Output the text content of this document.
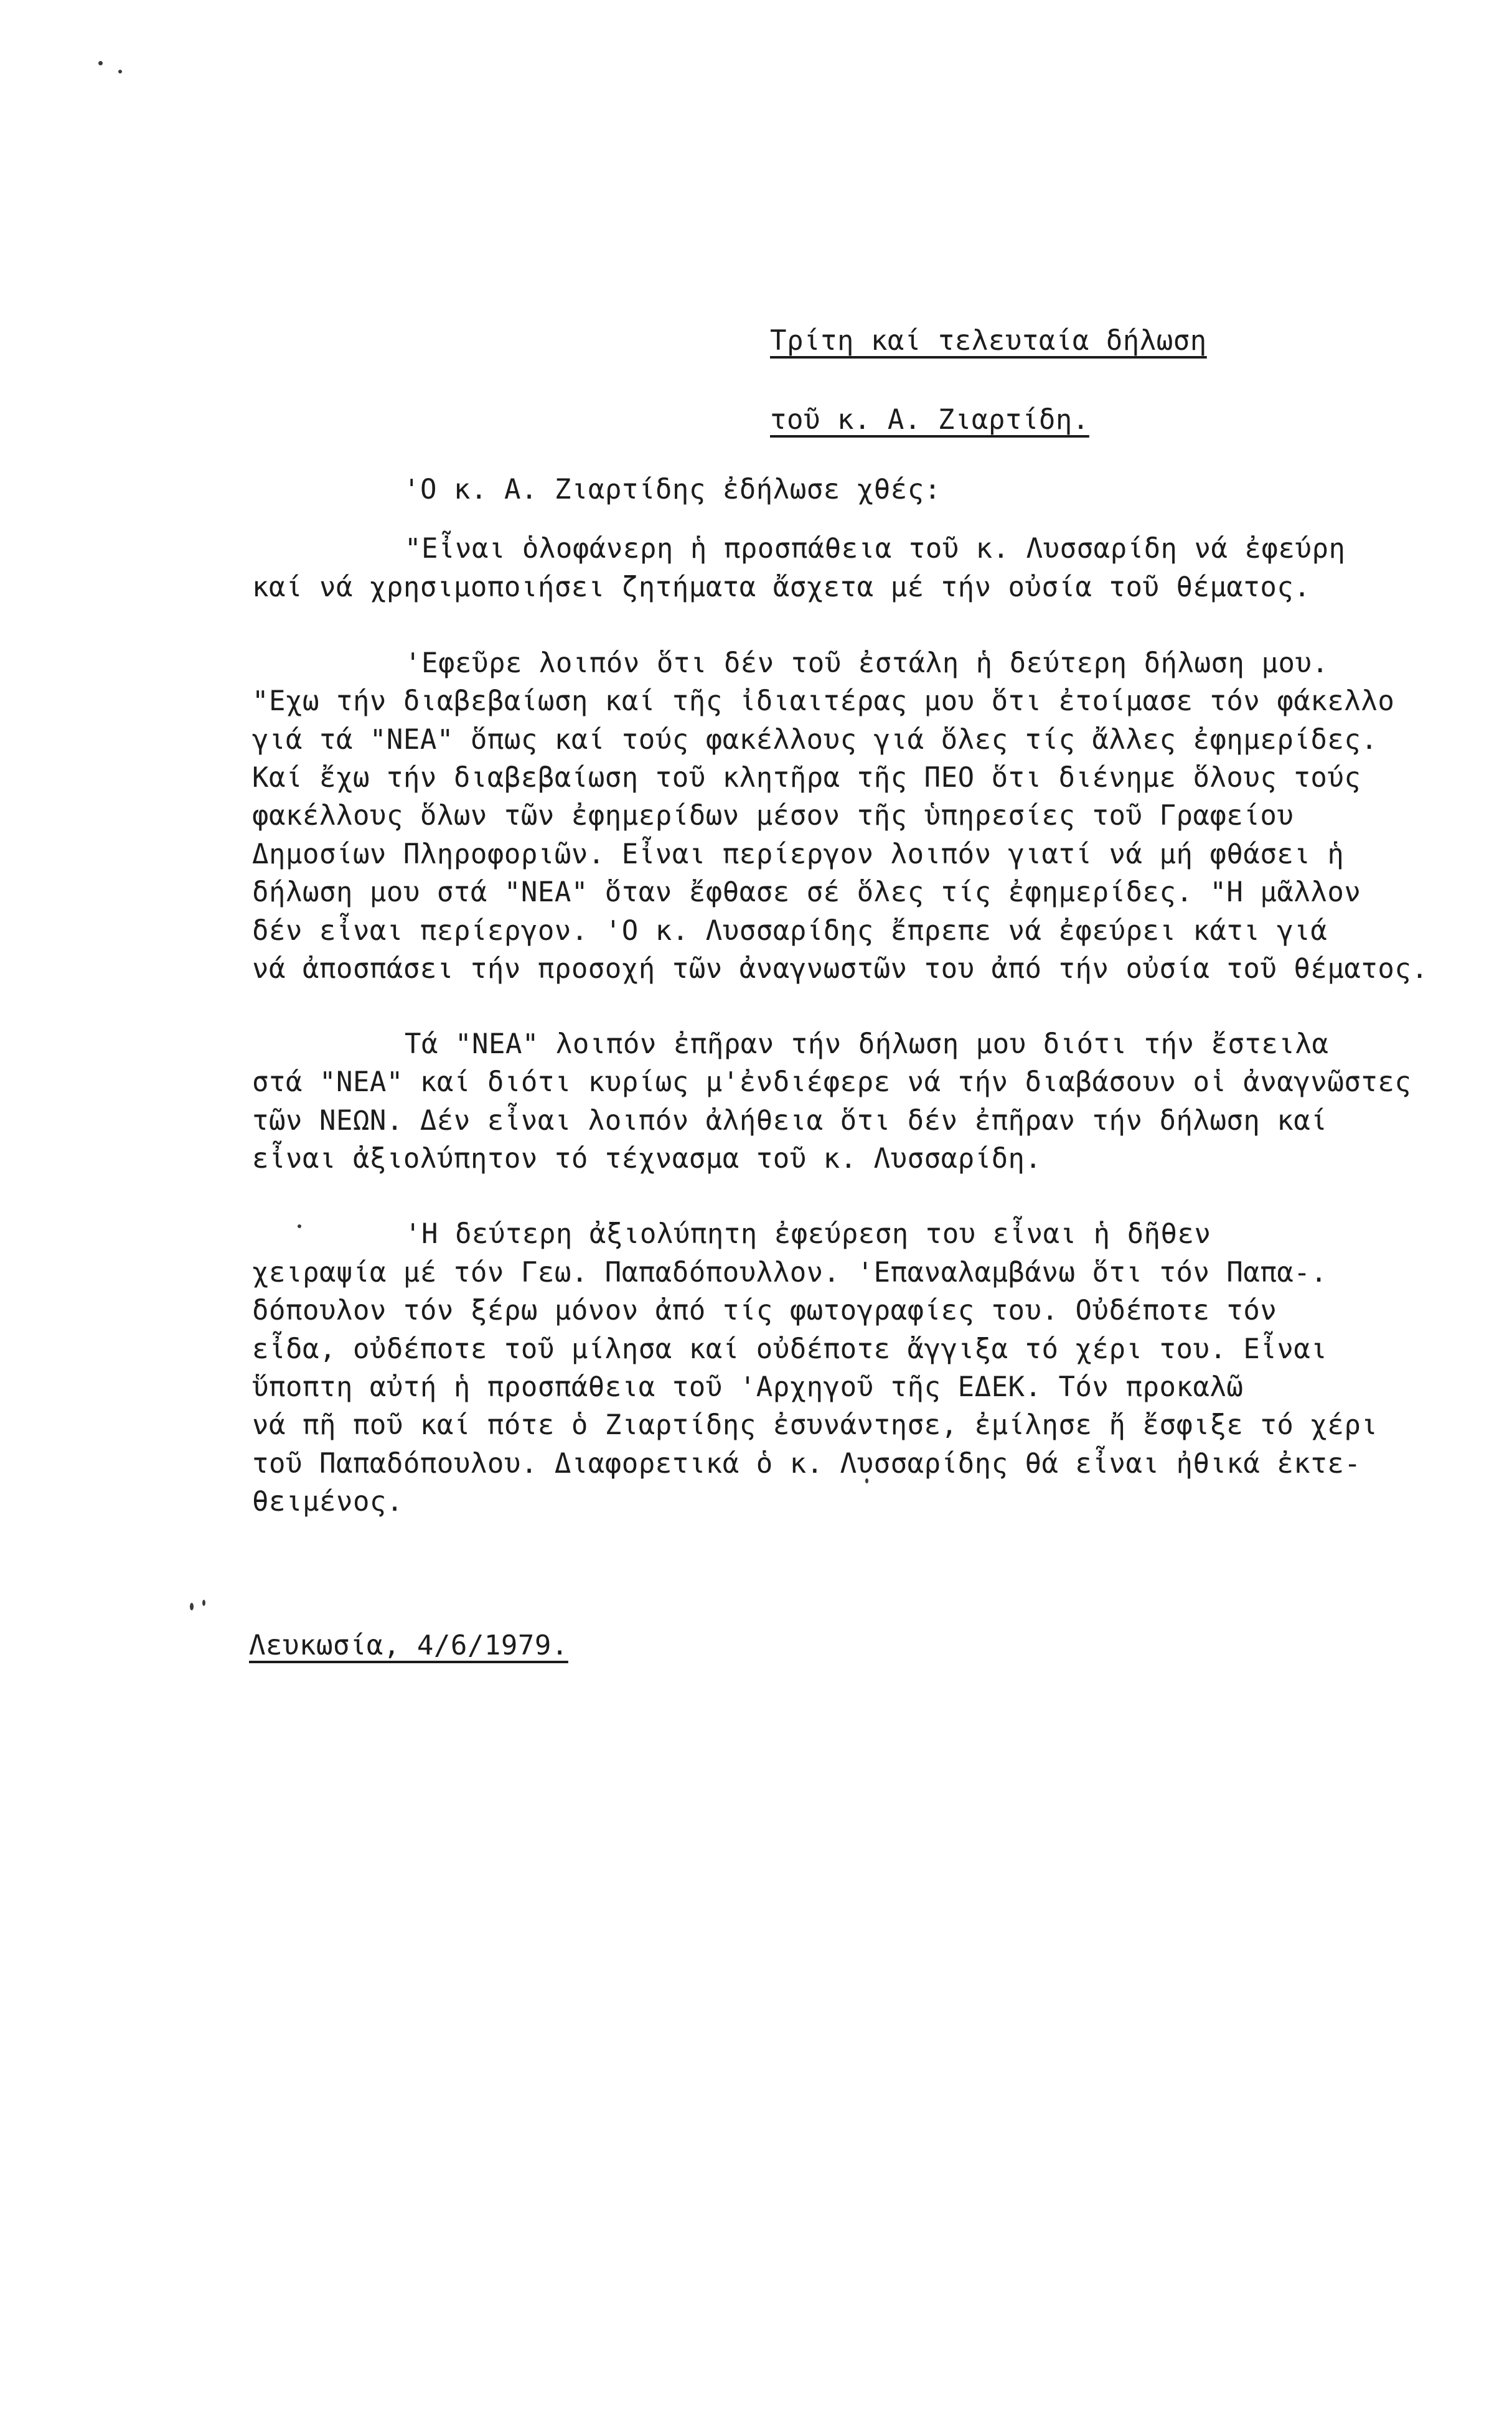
Τρίτη καί τελευταία δήλωση
τοῦ κ. Α. Ζιαρτίδη.
'Ο κ. Α. Ζιαρτίδης ἐδήλωσε χθές:
"Εἶναι ὁλοφάνερη ἡ προσπάθεια τοῦ κ. Λυσσαρίδη νά ἐφεύρη
καί νά χρησιμοποιήσει ζητήματα ἄσχετα μέ τήν οὐσία τοῦ θέματος.
'Εφεῦρε λοιπόν ὅτι δέν τοῦ ἐστάλη ἡ δεύτερη δήλωση μου.
"Εχω τήν διαβεβαίωση καί τῆς ἰδιαιτέρας μου ὅτι ἐτοίμασε τόν φάκελλο
γιά τά "ΝΕΑ" ὅπως καί τούς φακέλλους γιά ὅλες τίς ἄλλες ἐφημερίδες.
Καί ἔχω τήν διαβεβαίωση τοῦ κλητῆρα τῆς ΠΕΟ ὅτι διένημε ὅλους τούς
φακέλλους ὅλων τῶν ἐφημερίδων μέσον τῆς ὑπηρεσίες τοῦ Γραφείου
Δημοσίων Πληροφοριῶν. Εἶναι περίεργον λοιπόν γιατί νά μή φθάσει ἡ
δήλωση μου στά "ΝΕΑ" ὅταν ἔφθασε σέ ὅλες τίς ἐφημερίδες. "Η μᾶλλον
δέν εἶναι περίεργον. 'Ο κ. Λυσσαρίδης ἔπρεπε νά ἐφεύρει κάτι γιά
νά ἀποσπάσει τήν προσοχή τῶν ἀναγνωστῶν του ἀπό τήν οὐσία τοῦ θέματος.
Τά "ΝΕΑ" λοιπόν ἐπῆραν τήν δήλωση μου διότι τήν ἔστειλα
στά "ΝΕΑ" καί διότι κυρίως μ'ἐνδιέφερε νά τήν διαβάσουν οἱ ἀναγνῶστες
τῶν ΝΕΩΝ. Δέν εἶναι λοιπόν ἀλήθεια ὅτι δέν ἐπῆραν τήν δήλωση καί
εἶναι ἀξιολύπητον τό τέχνασμα τοῦ κ. Λυσσαρίδη.
'Η δεύτερη ἀξιολύπητη ἐφεύρεση του εἶναι ἡ δῆθεν
χειραψία μέ τόν Γεω. Παπαδόπουλλον. 'Επαναλαμβάνω ὅτι τόν Παπα-.
δόπουλον τόν ξέρω μόνον ἀπό τίς φωτογραφίες του. Οὐδέποτε τόν
εἶδα, οὐδέποτε τοῦ μίλησα καί οὐδέποτε ἄγγιξα τό χέρι του. Εἶναι
ὕποπτη αὐτή ἡ προσπάθεια τοῦ 'Αρχηγοῦ τῆς ΕΔΕΚ. Τόν προκαλῶ
νά πῆ ποῦ καί πότε ὁ Ζιαρτίδης ἐσυνάντησε, ἐμίλησε ἤ ἔσφιξε τό χέρι
τοῦ Παπαδόπουλου. Διαφορετικά ὁ κ. Λυσσαρίδης θά εἶναι ἠθικά ἐκτε-
θειμένος.
Λευκωσία, 4/6/1979.
